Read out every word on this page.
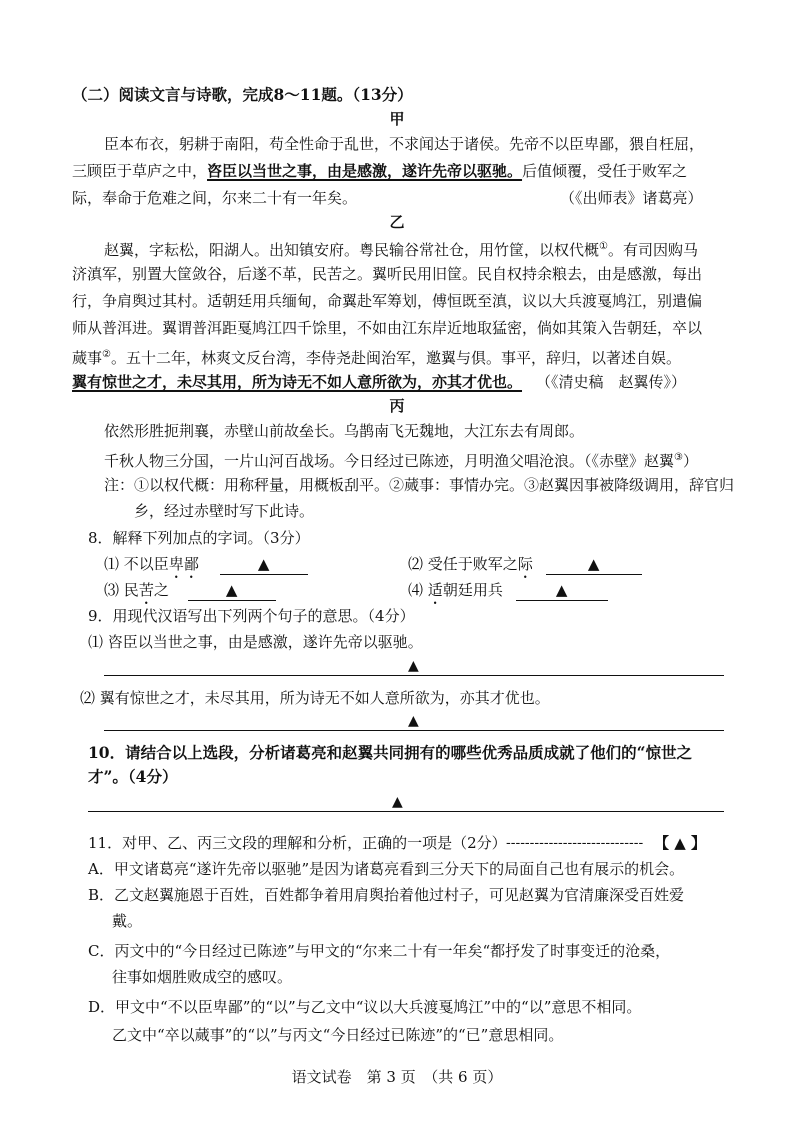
（二）阅读文言与诗歌，完成8～11题。（13分）
甲
臣本布衣，躬耕于南阳，苟全性命于乱世，不求闻达于诸侯。先帝不以臣卑鄙，猥自枉屈，
三顾臣于草庐之中，咨臣以当世之事，由是感激，遂许先帝以驱驰。后值倾覆，受任于败军之
际，奉命于危难之间，尔来二十有一年矣。	（《出师表》诸葛亮）
乙
赵翼，字耘松，阳湖人。出知镇安府。粤民输谷常社仓，用竹筐，以权代概①。有司因购马
济滇军，别置大筐敛谷，后遂不革，民苦之。翼听民用旧筐。民自权持余粮去，由是感激，每出
行，争肩舆过其村。适朝廷用兵缅甸，命翼赴军筹划，傅恒既至滇，议以大兵渡戛鸠江，别遣偏
师从普洱进。翼谓普洱距戛鸠江四千馀里，不如由江东岸近地取猛密，倘如其策入告朝廷，卒以
蒇事②。五十二年，林爽文反台湾，李侍尧赴闽治军，邀翼与俱。事平，辞归，以著述自娱。
翼有惊世之才，未尽其用，所为诗无不如人意所欲为，亦其才优也。 （《清史稿　赵翼传》）
丙
依然形胜扼荆襄，赤壁山前故垒长。乌鹊南飞无魏地，大江东去有周郎。
千秋人物三分国，一片山河百战场。今日经过已陈迹，月明渔父唱沧浪。（《赤壁》赵翼③）
注：①以权代概：用称秤量，用概板刮平。②蒇事：事情办完。③赵翼因事被降级调用，辞官归
乡，经过赤壁时写下此诗。
8．解释下列加点的字词。（3分）
⑴ 不以臣卑鄙	▲	⑵ 受任于败军之际	▲
⑶ 民苦之	▲	⑷ 适朝廷用兵	▲
9．用现代汉语写出下列两个句子的意思。（4分）
⑴ 咨臣以当世之事，由是感激，遂许先帝以驱驰。
▲
⑵ 翼有惊世之才，未尽其用，所为诗无不如人意所欲为，亦其才优也。
▲
10．请结合以上选段，分析诸葛亮和赵翼共同拥有的哪些优秀品质成就了他们的“惊世之
才”。（4分）
▲
11．对甲、乙、丙三文段的理解和分析，正确的一项是（2分） ----------------------------- 【 ▲ 】
A．甲文诸葛亮“遂许先帝以驱驰”是因为诸葛亮看到三分天下的局面自己也有展示的机会。
B．乙文赵翼施恩于百姓，百姓都争着用肩舆抬着他过村子，可见赵翼为官清廉深受百姓爱
戴。
C．丙文中的“今日经过已陈迹”与甲文的“尔来二十有一年矣“都抒发了时事变迁的沧桑，
往事如烟胜败成空的感叹。
D．甲文中“不以臣卑鄙”的“以”与乙文中“议以大兵渡戛鸠江”中的“以”意思不相同。
乙文中“卒以蒇事”的“以”与丙文“今日经过已陈迹”的“已”意思相同。
语文试卷　第 3 页　（共 6 页）
